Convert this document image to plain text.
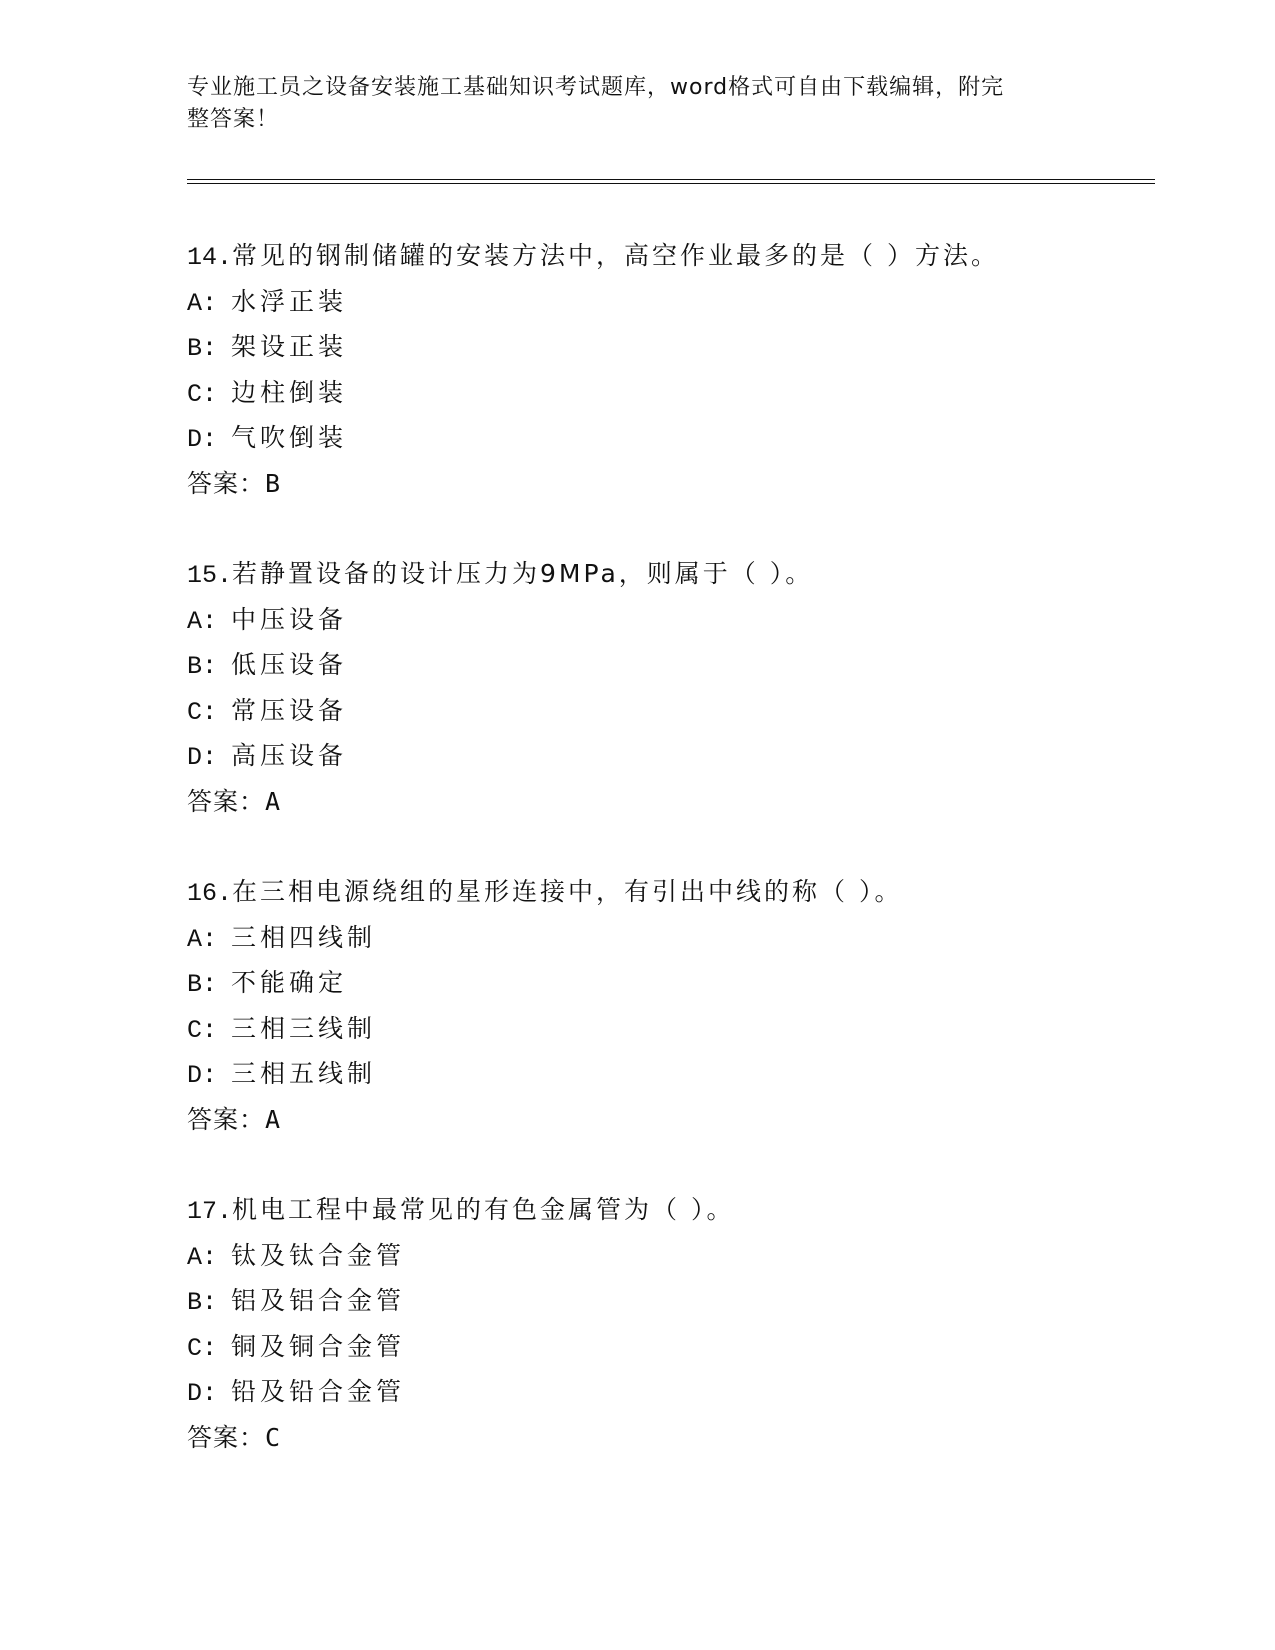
专业施工员之设备安装施工基础知识考试题库，word格式可自由下载编辑，附完
整答案！
14.常见的钢制储罐的安装方法中，高空作业最多的是（ ）方法。
A: 水浮正装
B: 架设正装
C: 边柱倒装
D: 气吹倒装
答案：B
15.若静置设备的设计压力为9MPa，则属于（ ）。
A: 中压设备
B: 低压设备
C: 常压设备
D: 高压设备
答案：A
16.在三相电源绕组的星形连接中，有引出中线的称（ ）。
A: 三相四线制
B: 不能确定
C: 三相三线制
D: 三相五线制
答案：A
17.机电工程中最常见的有色金属管为（ ）。
A: 钛及钛合金管
B: 铝及铝合金管
C: 铜及铜合金管
D: 铅及铅合金管
答案：C
